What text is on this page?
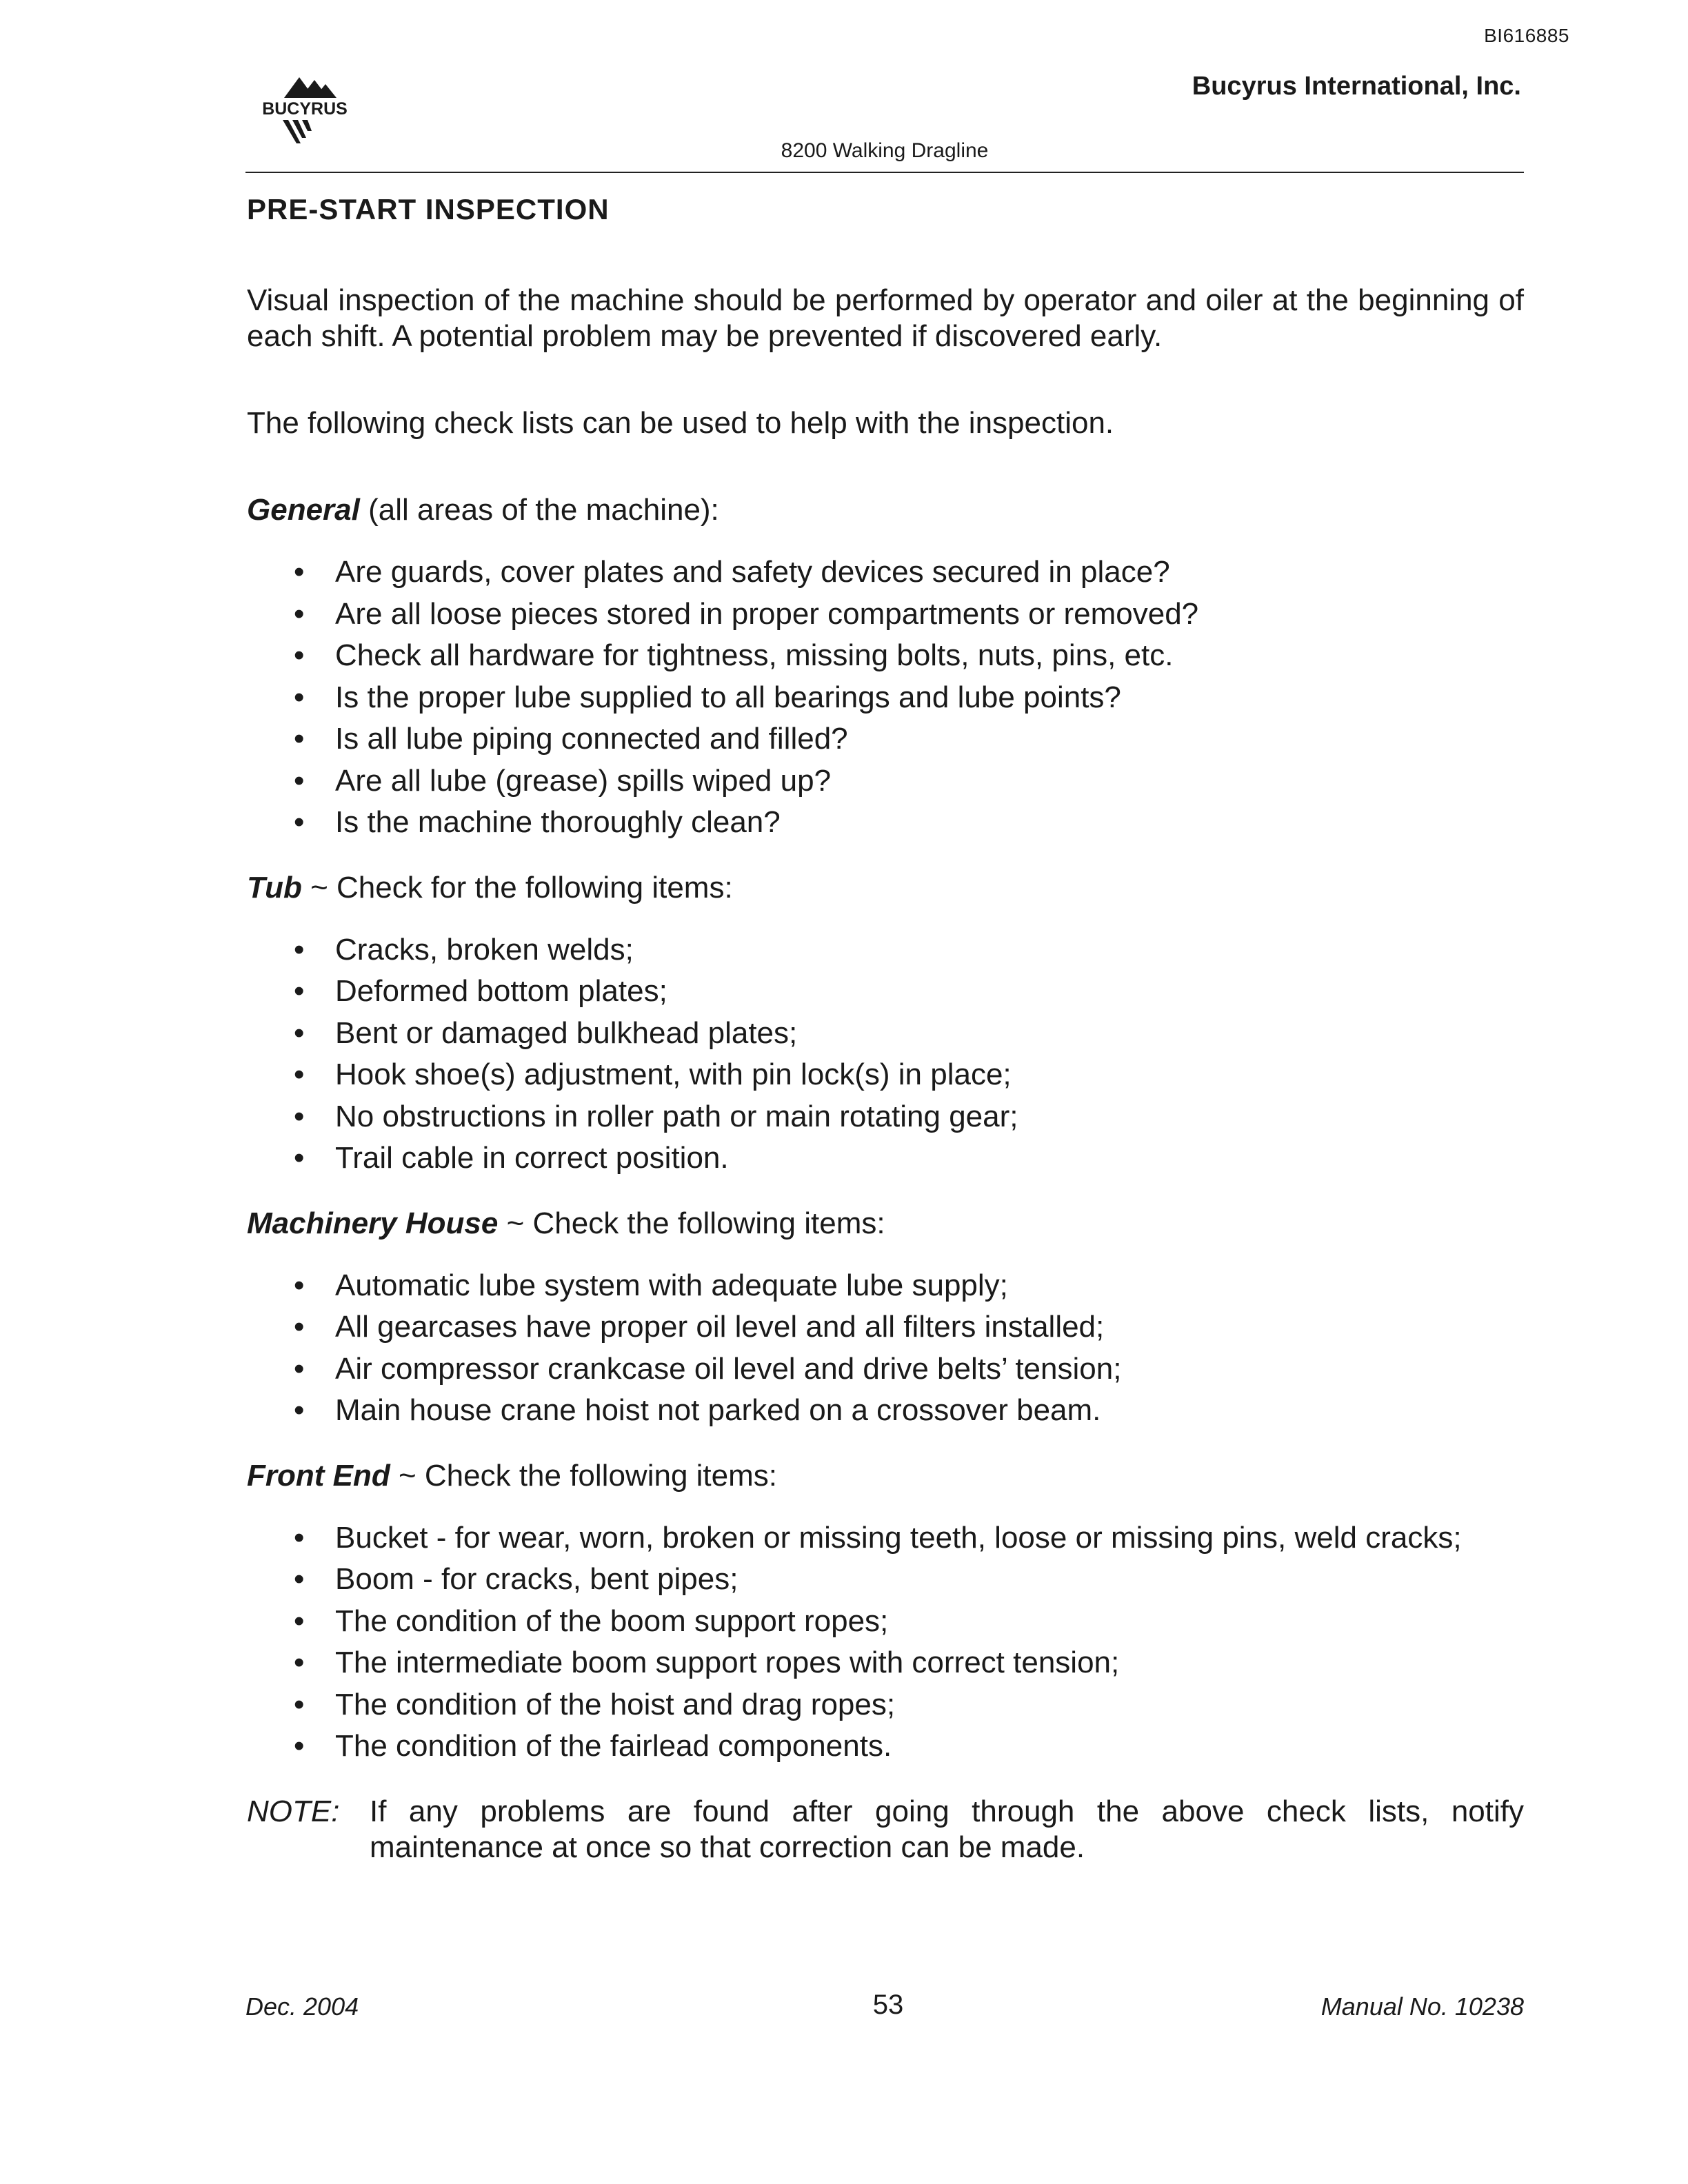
BI616885
BUCYRUS
Bucyrus International, Inc.
8200 Walking Dragline
PRE-START INSPECTION

Visual inspection of the machine should be performed by operator and oiler at the beginning of each shift. A potential problem may be prevented if discovered early.

The following check lists can be used to help with the inspection.

General (all areas of the machine):

• Are guards, cover plates and safety devices secured in place?
• Are all loose pieces stored in proper compartments or removed?
• Check all hardware for tightness, missing bolts, nuts, pins, etc.
• Is the proper lube supplied to all bearings and lube points?
• Is all lube piping connected and filled?
• Are all lube (grease) spills wiped up?
• Is the machine thoroughly clean?

Tub ~ Check for the following items:

• Cracks, broken welds;
• Deformed bottom plates;
• Bent or damaged bulkhead plates;
• Hook shoe(s) adjustment, with pin lock(s) in place;
• No obstructions in roller path or main rotating gear;
• Trail cable in correct position.

Machinery House ~ Check the following items:

• Automatic lube system with adequate lube supply;
• All gearcases have proper oil level and all filters installed;
• Air compressor crankcase oil level and drive belts’ tension;
• Main house crane hoist not parked on a crossover beam.

Front End ~ Check the following items:

• Bucket - for wear, worn, broken or missing teeth, loose or missing pins, weld cracks;
• Boom - for cracks, bent pipes;
• The condition of the boom support ropes;
• The intermediate boom support ropes with correct tension;
• The condition of the hoist and drag ropes;
• The condition of the fairlead components.
NOTE: If any problems are found after going through the above check lists, notify maintenance at once so that correction can be made.
Dec. 2004	53	Manual No. 10238
